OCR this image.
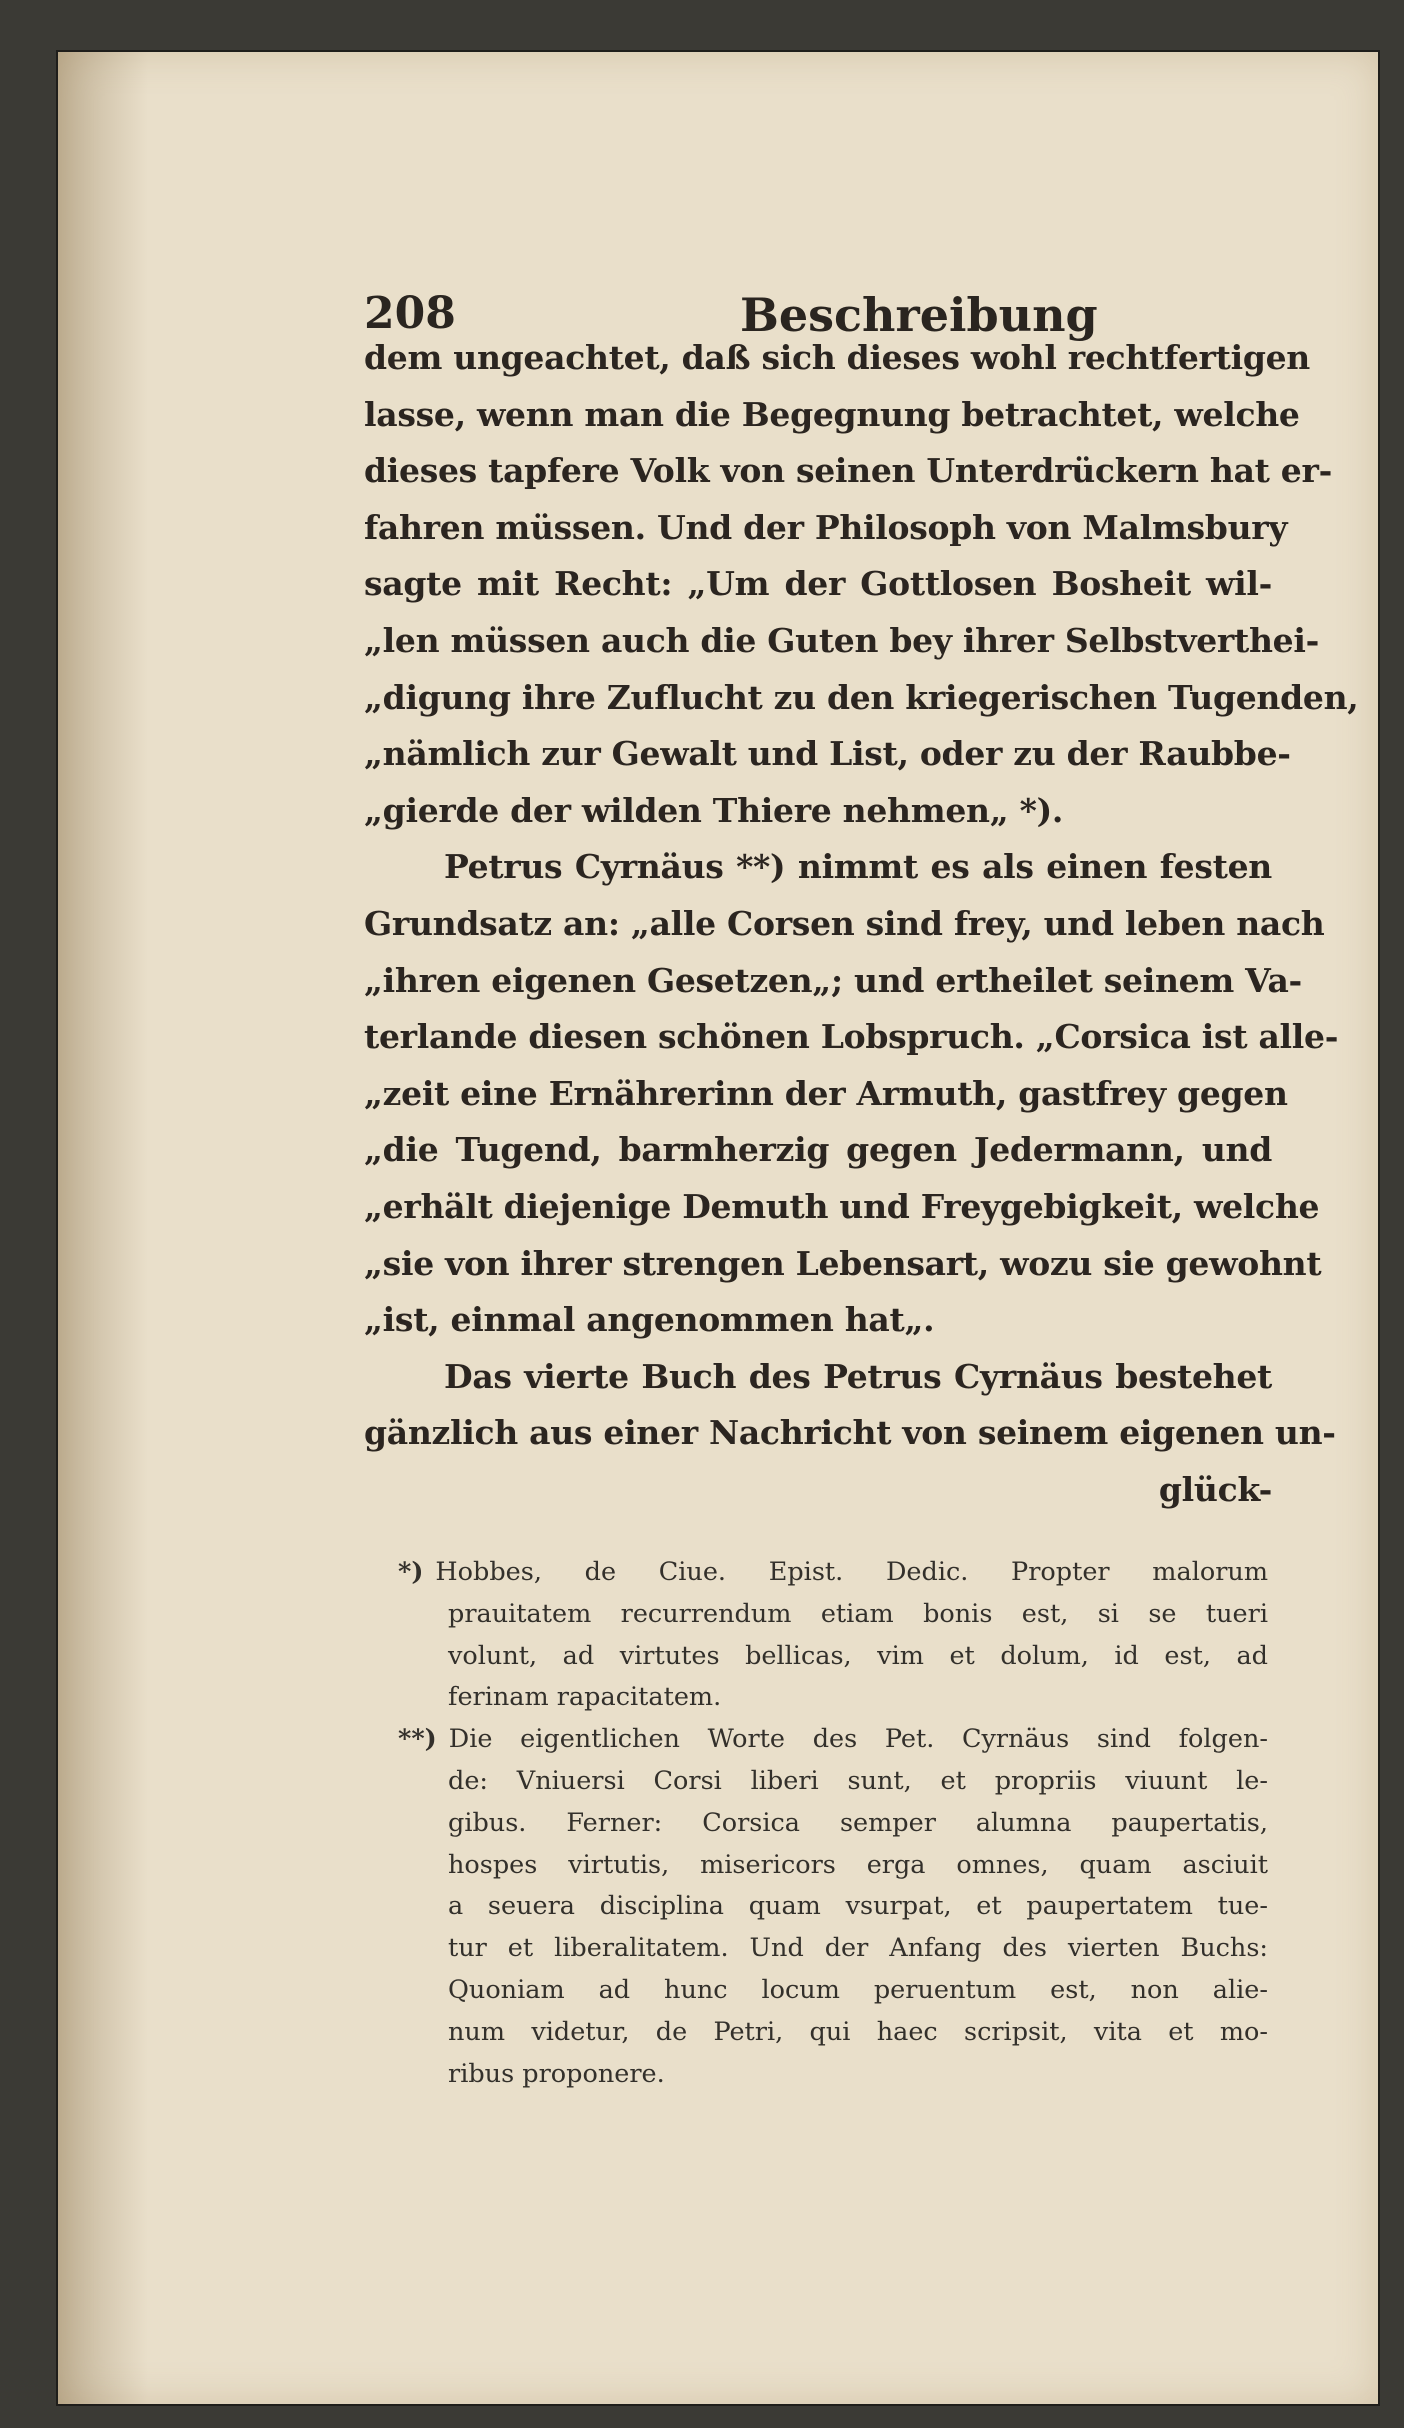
208	Beschreibung
dem ungeachtet, daß sich dieses wohl rechtfertigen
lasse, wenn man die Begegnung betrachtet, welche
dieses tapfere Volk von seinen Unterdrückern hat er-
fahren müssen. Und der Philosoph von Malmsbury
sagte mit Recht: „Um der Gottlosen Bosheit wil-
„len müssen auch die Guten bey ihrer Selbstverthei-
„digung ihre Zuflucht zu den kriegerischen Tugenden,
„nämlich zur Gewalt und List, oder zu der Raubbe-
„gierde der wilden Thiere nehmen„ *).
Petrus Cyrnäus **) nimmt es als einen festen
Grundsatz an: „alle Corsen sind frey, und leben nach
„ihren eigenen Gesetzen„; und ertheilet seinem Va-
terlande diesen schönen Lobspruch. „Corsica ist alle-
„zeit eine Ernährerinn der Armuth, gastfrey gegen
„die Tugend, barmherzig gegen Jedermann, und
„erhält diejenige Demuth und Freygebigkeit, welche
„sie von ihrer strengen Lebensart, wozu sie gewohnt
„ist, einmal angenommen hat„.
Das vierte Buch des Petrus Cyrnäus bestehet
gänzlich aus einer Nachricht von seinem eigenen un-
glück-
*) Hobbes, de Ciue. Epist. Dedic. Propter malorum
prauitatem recurrendum etiam bonis est, si se tueri
volunt, ad virtutes bellicas, vim et dolum, id est, ad
ferinam rapacitatem.
**) Die eigentlichen Worte des Pet. Cyrnäus sind folgen-
de: Vniuersi Corsi liberi sunt, et propriis viuunt le-
gibus. Ferner: Corsica semper alumna paupertatis,
hospes virtutis, misericors erga omnes, quam asciuit
a seuera disciplina quam vsurpat, et paupertatem tue-
tur et liberalitatem. Und der Anfang des vierten Buchs:
Quoniam ad hunc locum peruentum est, non alie-
num videtur, de Petri, qui haec scripsit, vita et mo-
ribus proponere.
